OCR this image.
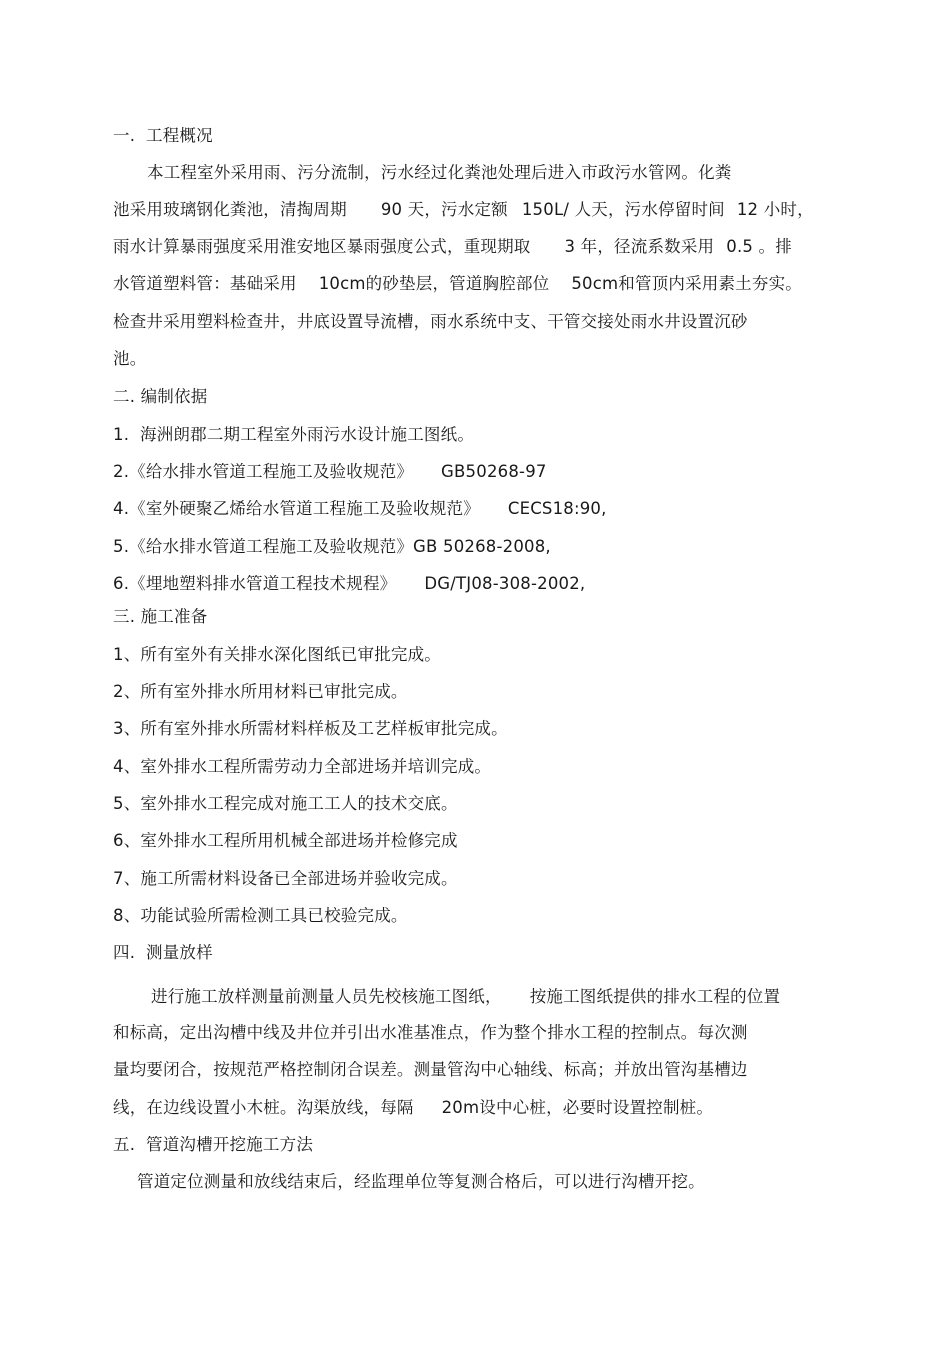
一.  工程概况
本工程室外采用雨、污分流制，污水经过化粪池处理后进入市政污水管网。化粪
池采用玻璃钢化粪池，清掏周期 90 天，污水定额 150L/ 人天，污水停留时间 12 小时，
雨水计算暴雨强度采用淮安地区暴雨强度公式，重现期取 3 年，径流系数采用 0.5 。排
水管道塑料管：基础采用 10cm的砂垫层，管道胸腔部位 50cm和管顶内采用素土夯实。
检查井采用塑料检查井，井底设置导流槽，雨水系统中支、干管交接处雨水井设置沉砂
池。
二. 编制依据
1.  海洲朗郡二期工程室外雨污水设计施工图纸。
2.《给水排水管道工程施工及验收规范》 GB50268-97
4.《室外硬聚乙烯给水管道工程施工及验收规范》 CECS18:90,
5.《给水排水管道工程施工及验收规范》GB 50268-2008,
6.《埋地塑料排水管道工程技术规程》 DG/TJ08-308-2002,
三. 施工准备
1、所有室外有关排水深化图纸已审批完成。
2、所有室外排水所用材料已审批完成。
3、所有室外排水所需材料样板及工艺样板审批完成。
4、室外排水工程所需劳动力全部进场并培训完成。
5、室外排水工程完成对施工工人的技术交底。
6、室外排水工程所用机械全部进场并检修完成
7、施工所需材料设备已全部进场并验收完成。
8、功能试验所需检测工具已校验完成。
四.  测量放样
进行施工放样测量前测量人员先校核施工图纸， 按施工图纸提供的排水工程的位置
和标高，定出沟槽中线及井位并引出水准基准点，作为整个排水工程的控制点。每次测
量均要闭合，按规范严格控制闭合误差。测量管沟中心轴线、标高；并放出管沟基槽边
线，在边线设置小木桩。沟渠放线，每隔 20m设中心桩，必要时设置控制桩。
五.  管道沟槽开挖施工方法
管道定位测量和放线结束后，经监理单位等复测合格后，可以进行沟槽开挖。
